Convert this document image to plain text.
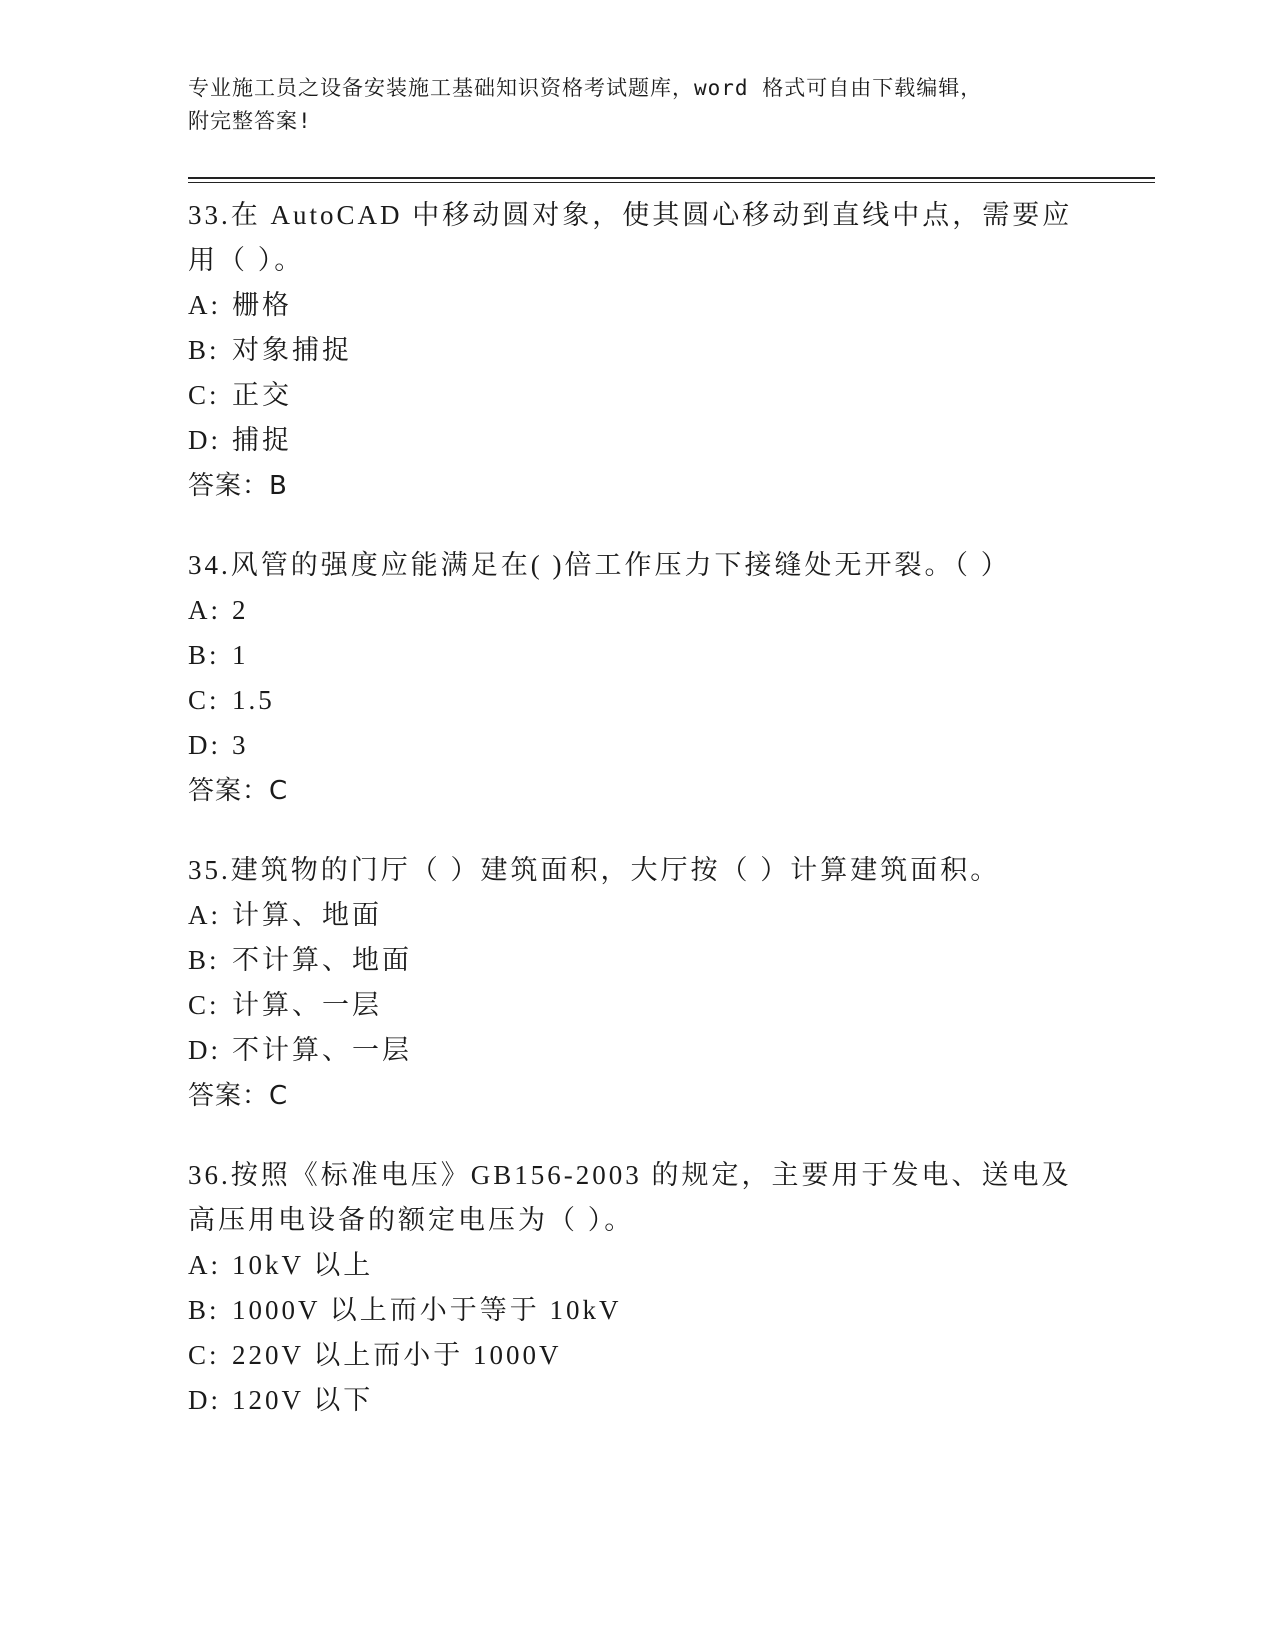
专业施工员之设备安装施工基础知识资格考试题库，word 格式可自由下载编辑，
附完整答案!

33.在 AutoCAD 中移动圆对象，使其圆心移动到直线中点，需要应用（ ）。

A: 栅格

B: 对象捕捉

C: 正交

D: 捕捉

答案：B

34.风管的强度应能满足在( )倍工作压力下接缝处无开裂。（ ）

A: 2

B: 1

C: 1.5

D: 3

答案：C

35.建筑物的门厅（ ）建筑面积，大厅按（ ）计算建筑面积。

A: 计算、地面

B: 不计算、地面

C: 计算、一层

D: 不计算、一层

答案：C

36.按照《标准电压》GB156-2003 的规定，主要用于发电、送电及高压用电设备的额定电压为（ ）。

A: 10kV 以上

B: 1000V 以上而小于等于 10kV

C: 220V 以上而小于 1000V

D: 120V 以下
